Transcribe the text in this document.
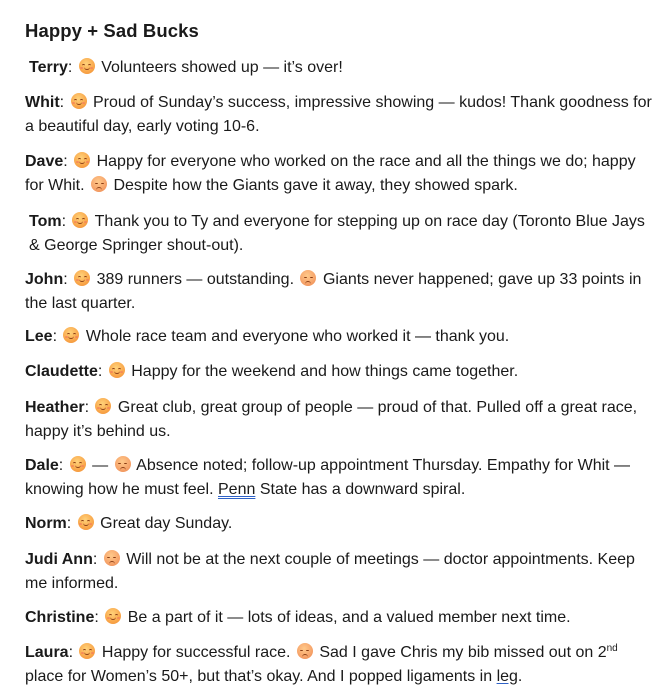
Happy + Sad Bucks
Terry:
Volunteers showed up — it’s over!
Whit:
Proud of Sunday’s success, impressive showing — kudos! Thank goodness for a beautiful day, early voting 10-6.
Dave:
Happy for everyone who worked on the race and all the things we do; happy for Whit. Despite how the Giants gave it away, they showed spark.
Tom:
Thank you to Ty and everyone for stepping up on race day (Toronto Blue Jays & George Springer shout-out).
John:
389 runners — outstanding. Giants never happened; gave up 33 points in the last quarter.
Lee:
Whole race team and everyone who worked it — thank you.
Claudette:
Happy for the weekend and how things came together.
Heather:
Great club, great group of people — proud of that. Pulled off a great race, happy it’s behind us.
Dale:
— Absence noted; follow-up appointment Thursday. Empathy for Whit — knowing how he must feel. Penn State has a downward spiral.
Norm:
Great day Sunday.
Judi Ann:
Will not be at the next couple of meetings — doctor appointments. Keep me informed.
Christine:
Be a part of it — lots of ideas, and a valued member next time.
Laura:
Happy for successful race. Sad I gave Chris my bib missed out on 2nd place for Women’s 50+, but that’s okay. And I popped ligaments in leg.
